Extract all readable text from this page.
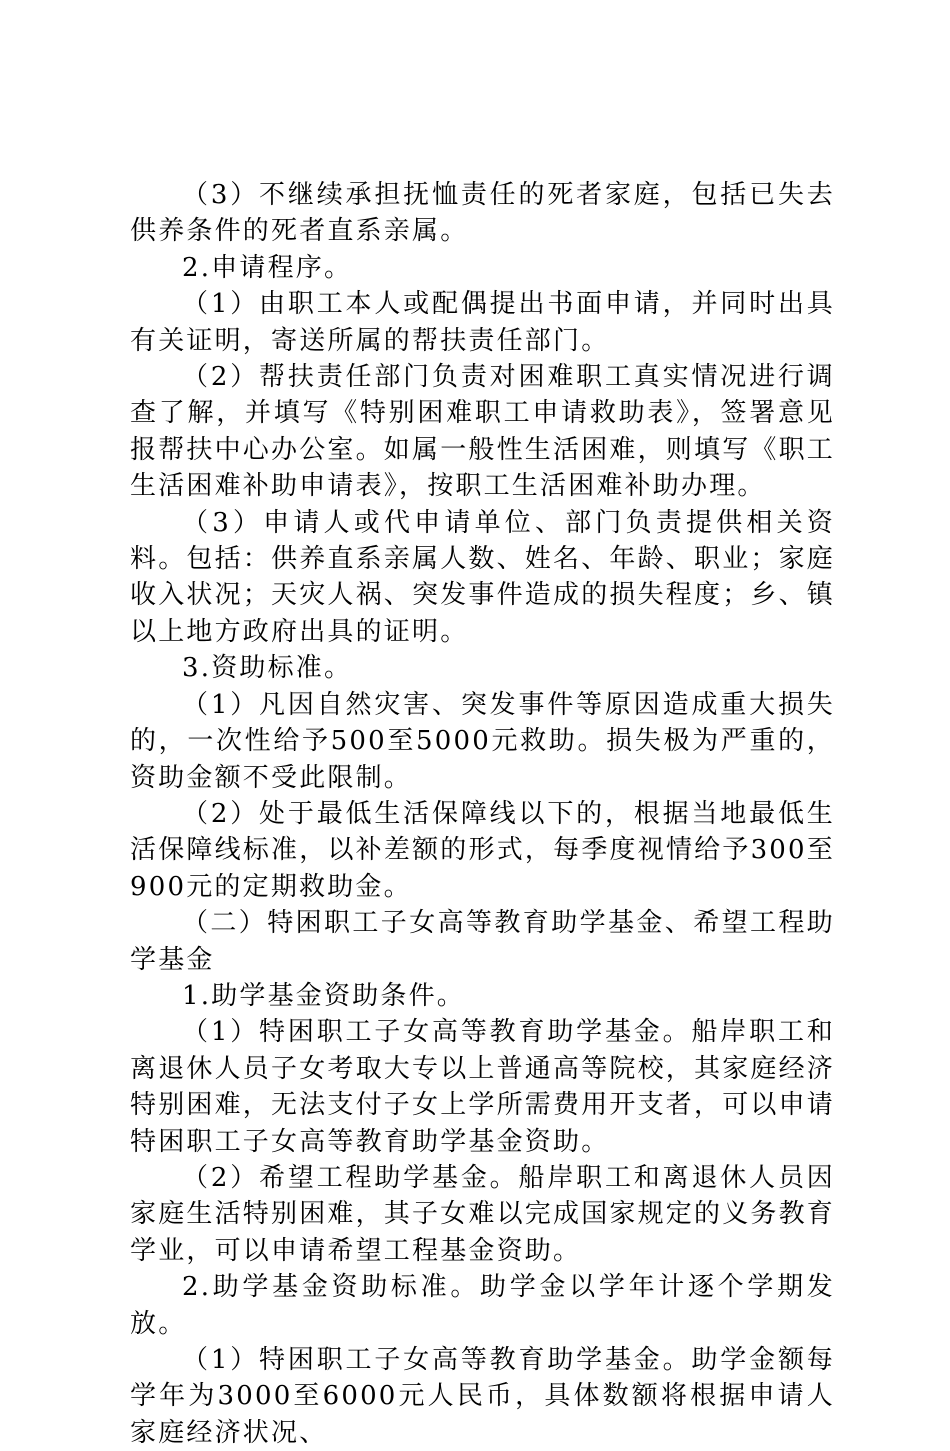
（3）不继续承担抚恤责任的死者家庭，包括已失去供养条件的死者直系亲属。

2.申请程序。

（1）由职工本人或配偶提出书面申请，并同时出具有关证明，寄送所属的帮扶责任部门。

（2）帮扶责任部门负责对困难职工真实情况进行调查了解，并填写《特别困难职工申请救助表》，签署意见报帮扶中心办公室。如属一般性生活困难，则填写《职工生活困难补助申请表》，按职工生活困难补助办理。

（3）申请人或代申请单位、部门负责提供相关资料。包括：供养直系亲属人数、姓名、年龄、职业；家庭收入状况；天灾人祸、突发事件造成的损失程度；乡、镇以上地方政府出具的证明。

3.资助标准。

（1）凡因自然灾害、突发事件等原因造成重大损失的，一次性给予500至5000元救助。损失极为严重的，资助金额不受此限制。

（2）处于最低生活保障线以下的，根据当地最低生活保障线标准，以补差额的形式，每季度视情给予300至900元的定期救助金。

（二）特困职工子女高等教育助学基金、希望工程助学基金

1.助学基金资助条件。

（1）特困职工子女高等教育助学基金。船岸职工和离退休人员子女考取大专以上普通高等院校，其家庭经济特别困难，无法支付子女上学所需费用开支者，可以申请特困职工子女高等教育助学基金资助。

（2）希望工程助学基金。船岸职工和离退休人员因家庭生活特别困难，其子女难以完成国家规定的义务教育学业，可以申请希望工程基金资助。

2.助学基金资助标准。助学金以学年计逐个学期发放。

（1）特困职工子女高等教育助学基金。助学金额每学年为3000至6000元人民币，具体数额将根据申请人家庭经济状况、
